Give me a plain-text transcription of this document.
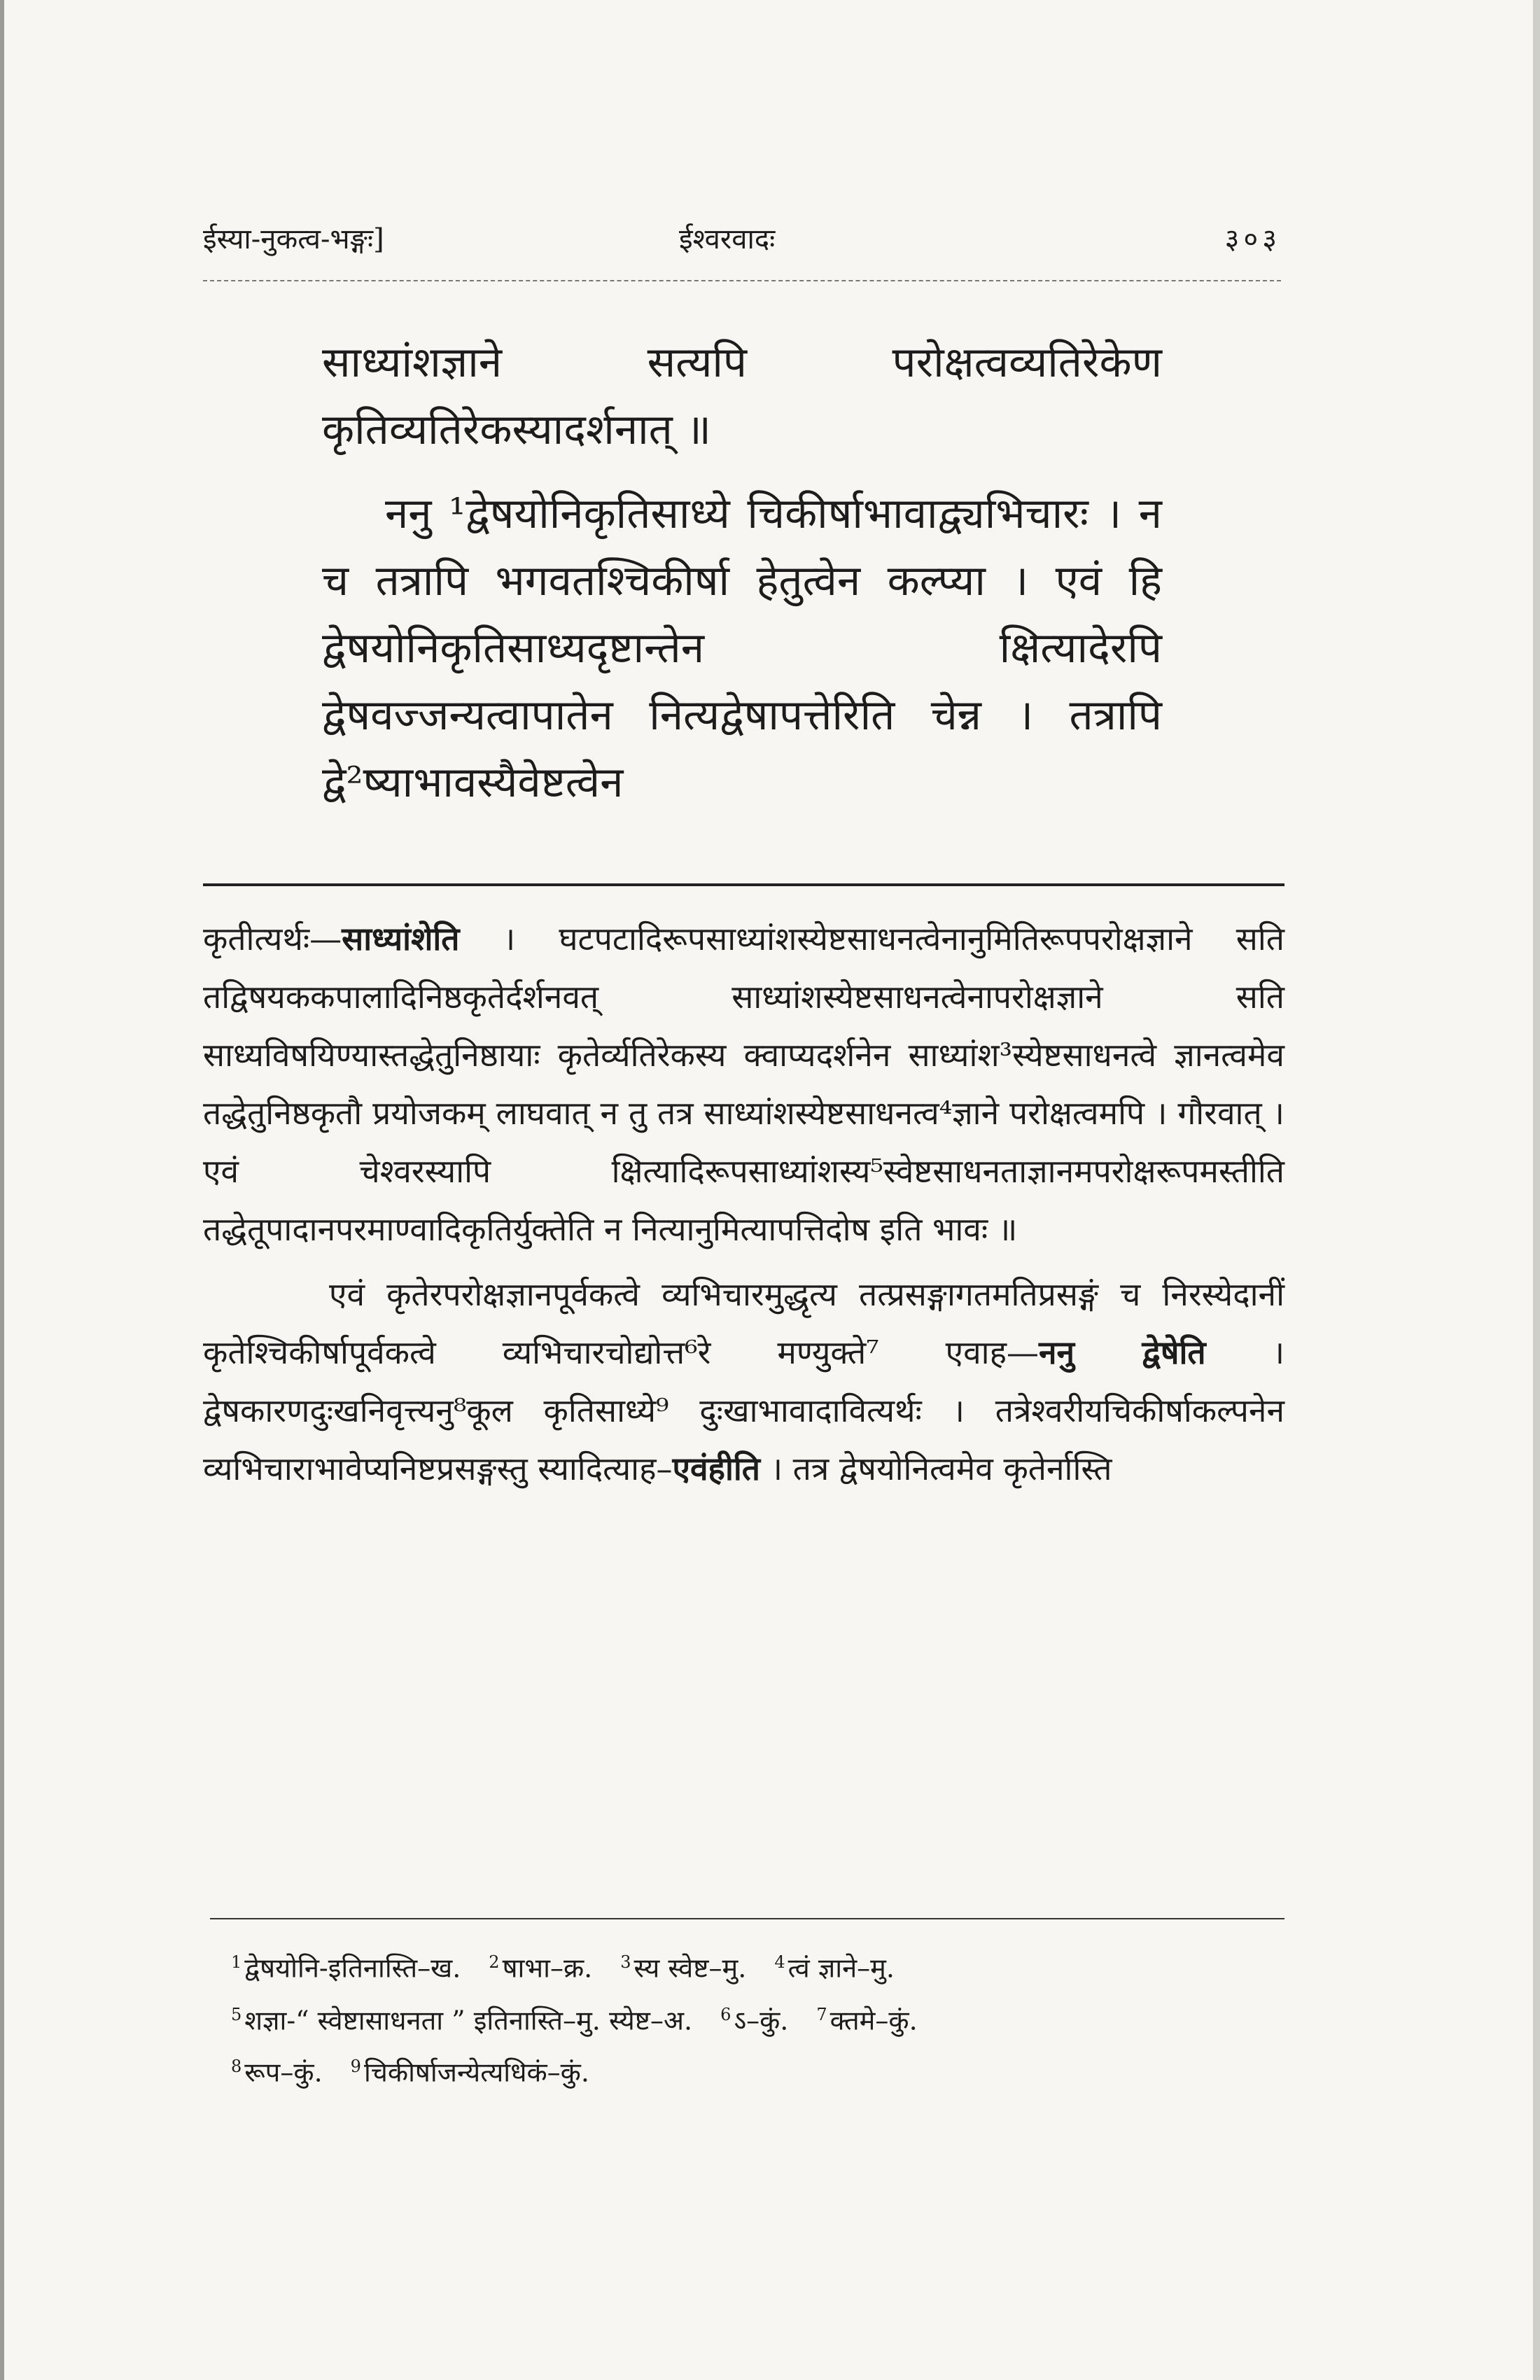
ईस्या-नुकत्व-भङ्गः]	ईश्वरवादः	३०३

साध्यांशज्ञाने सत्यपि परोक्षत्वव्यतिरेकेण कृतिव्यतिरेकस्यादर्शनात् ॥

ननु ¹द्वेषयोनिकृतिसाध्ये चिकीर्षाभावाद्व्यभिचारः । न च तत्रापि भगवतश्चिकीर्षा हेतुत्वेन कल्प्या । एवं हि द्वेषयोनिकृतिसाध्यदृष्टान्तेन क्षित्यादेरपि द्वेषवज्जन्यत्वापातेन नित्यद्वेषापत्तेरिति चेन्न । तत्रापि द्वे²ष्याभावस्यैवेष्टत्वेन

कृतीत्यर्थः—साध्यांशेति । घटपटादिरूपसाध्यांशस्येष्टसाधनत्वेनानुमितिरूपपरोक्षज्ञाने सति तद्विषयककपालादिनिष्ठकृतेर्दर्शनवत् साध्यांशस्येष्टसाधनत्वेनापरोक्षज्ञाने सति साध्यविषयिण्यास्तद्धेतुनिष्ठायाः कृतेर्व्यतिरेकस्य क्वाप्यदर्शनेन साध्यांश³स्येष्टसाधनत्वे ज्ञानत्वमेव तद्धेतुनिष्ठकृतौ प्रयोजकम् लाघवात् न तु तत्र साध्यांशस्येष्टसाधनत्व⁴ज्ञाने परोक्षत्वमपि । गौरवात् । एवं चेश्वरस्यापि क्षित्यादिरूपसाध्यांशस्य⁵स्वेष्टसाधनताज्ञानमपरोक्षरूपमस्तीति तद्धेतूपादानपरमाण्वादिकृतिर्युक्तेति न नित्यानुमित्यापत्तिदोष इति भावः ॥

एवं कृतेरपरोक्षज्ञानपूर्वकत्वे व्यभिचारमुद्धृत्य तत्प्रसङ्गागतमतिप्रसङ्गं च निरस्येदानीं कृतेश्चिकीर्षापूर्वकत्वे व्यभिचारचोद्योत्त⁶रे मण्युक्ते⁷ एवाह—ननु द्वेषेति । द्वेषकारणदुःखनिवृत्त्यनु⁸कूल कृतिसाध्ये⁹ दुःखाभावादावित्यर्थः । तत्रेश्वरीयचिकीर्षाकल्पनेन व्यभिचाराभावेप्यनिष्टप्रसङ्गस्तु स्यादित्याह–एवंहीति । तत्र द्वेषयोनित्वमेव कृतेर्नास्ति

$^1$ द्वेषयोनि-इतिनास्ति–ख. $^2$ षाभा–क्र. $^3$ स्य स्वेष्ट–मु. $^4$ त्वं ज्ञाने–मु.
$^5$ शज्ञा-“ स्वेष्टासाधनता ” इतिनास्ति–मु. स्येष्ट–अ. $^6$ ऽ–कुं. $^7$ क्तमे–कुं.
$^8$ रूप–कुं. $^9$ चिकीर्षाजन्येत्यधिकं–कुं.
